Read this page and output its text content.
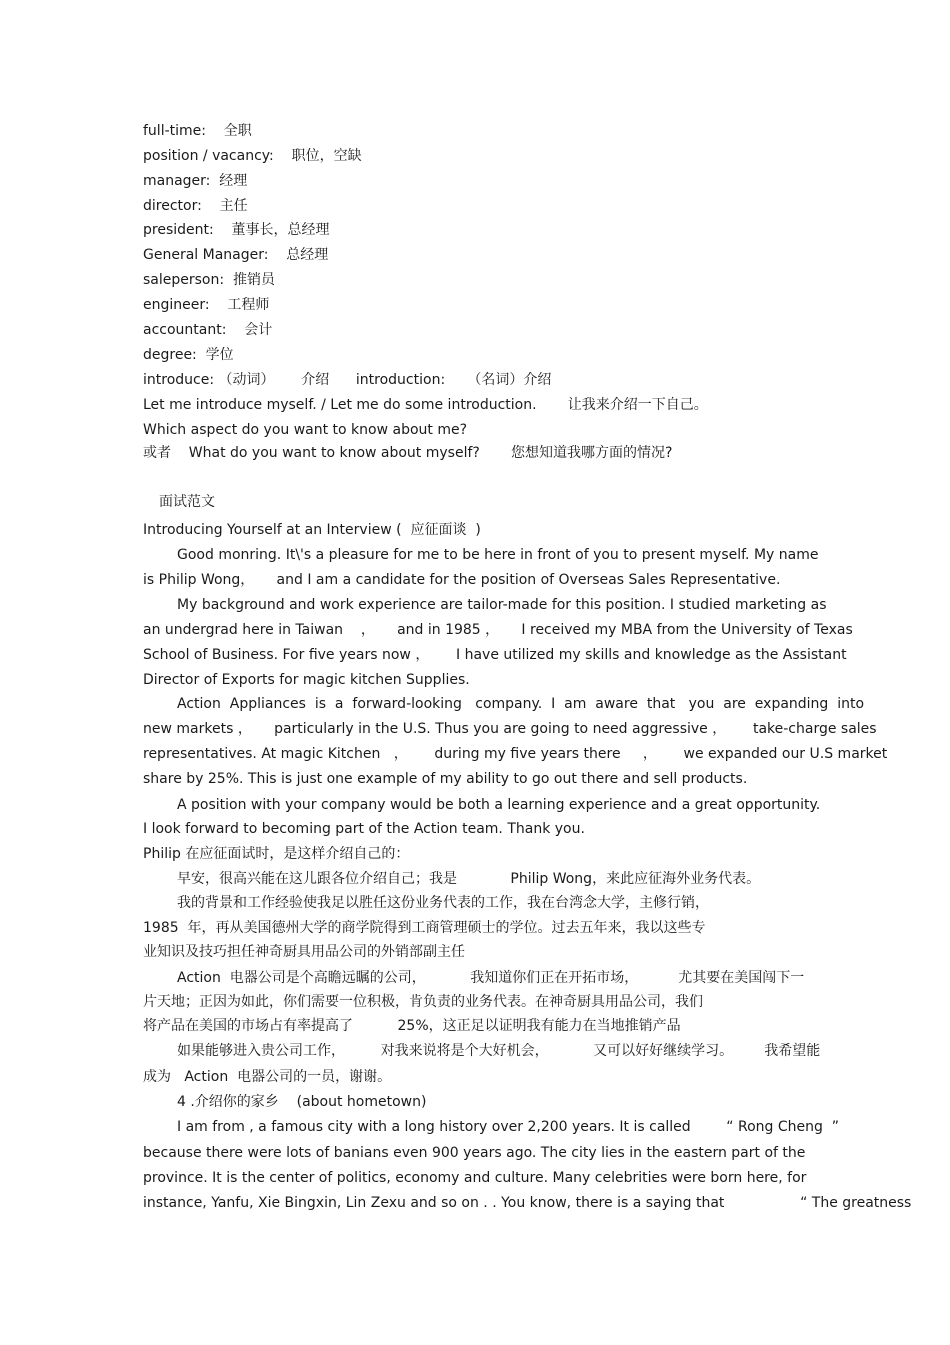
full-time:    全职
position / vacancy:    职位，空缺
manager:  经理
director:    主任
president:    董事长，总经理
General Manager:    总经理
saleperson:  推销员
engineer:    工程师
accountant:    会计
degree:  学位
introduce: （动词）      介绍      introduction:     （名词）介绍
Let me introduce myself. / Let me do some introduction.       让我来介绍一下自己。
Which aspect do you want to know about me?
或者    What do you want to know about myself?       您想知道我哪方面的情况?
面试范文
Introducing Yourself at an Interview (  应征面谈  )
Good monring. It\'s a pleasure for me to be here in front of you to present myself. My name
is Philip Wong，     and I am a candidate for the position of Overseas Sales Representative.
My background and work experience are tailor-made for this position. I studied marketing as
an undergrad here in Taiwan    ，     and in 1985 ，     I received my MBA from the University of Texas
School of Business. For five years now ，      I have utilized my skills and knowledge as the Assistant
Director of Exports for magic kitchen Supplies.
Action  Appliances  is  a  forward-looking   company.  I  am  aware  that   you  are  expanding  into
new markets ，     particularly in the U.S. Thus you are going to need aggressive ，      take-charge sales
representatives. At magic Kitchen   ，      during my five years there     ，      we expanded our U.S market
share by 25%. This is just one example of my ability to go out there and sell products.
A position with your company would be both a learning experience and a great opportunity.
I look forward to becoming part of the Action team. Thank you.
Philip 在应征面试时，是这样介绍自己的：
早安，很高兴能在这儿跟各位介绍自己；我是            Philip Wong，来此应征海外业务代表。
我的背景和工作经验使我足以胜任这份业务代表的工作，我在台湾念大学，主修行销，
1985  年，再从美国德州大学的商学院得到工商管理硕士的学位。过去五年来，我以这些专
业知识及技巧担任神奇厨具用品公司的外销部副主任
Action  电器公司是个高瞻远瞩的公司，          我知道你们正在开拓市场，         尤其要在美国闯下一
片天地；正因为如此，你们需要一位积极，肯负责的业务代表。在神奇厨具用品公司，我们
将产品在美国的市场占有率提高了          25%，这正足以证明我有能力在当地推销产品
如果能够进入贵公司工作，        对我来说将是个大好机会，          又可以好好继续学习。       我希望能
成为   Action  电器公司的一员，谢谢。
4 .介绍你的家乡    (about hometown)
I am from , a famous city with a long history over 2,200 years. It is called        “ Rong Cheng  ”
because there were lots of banians even 900 years ago. The city lies in the eastern part of the
province. It is the center of politics, economy and culture. Many celebrities were born here, for
instance, Yanfu, Xie Bingxin, Lin Zexu and so on . . You know, there is a saying that                 “ The greatness
